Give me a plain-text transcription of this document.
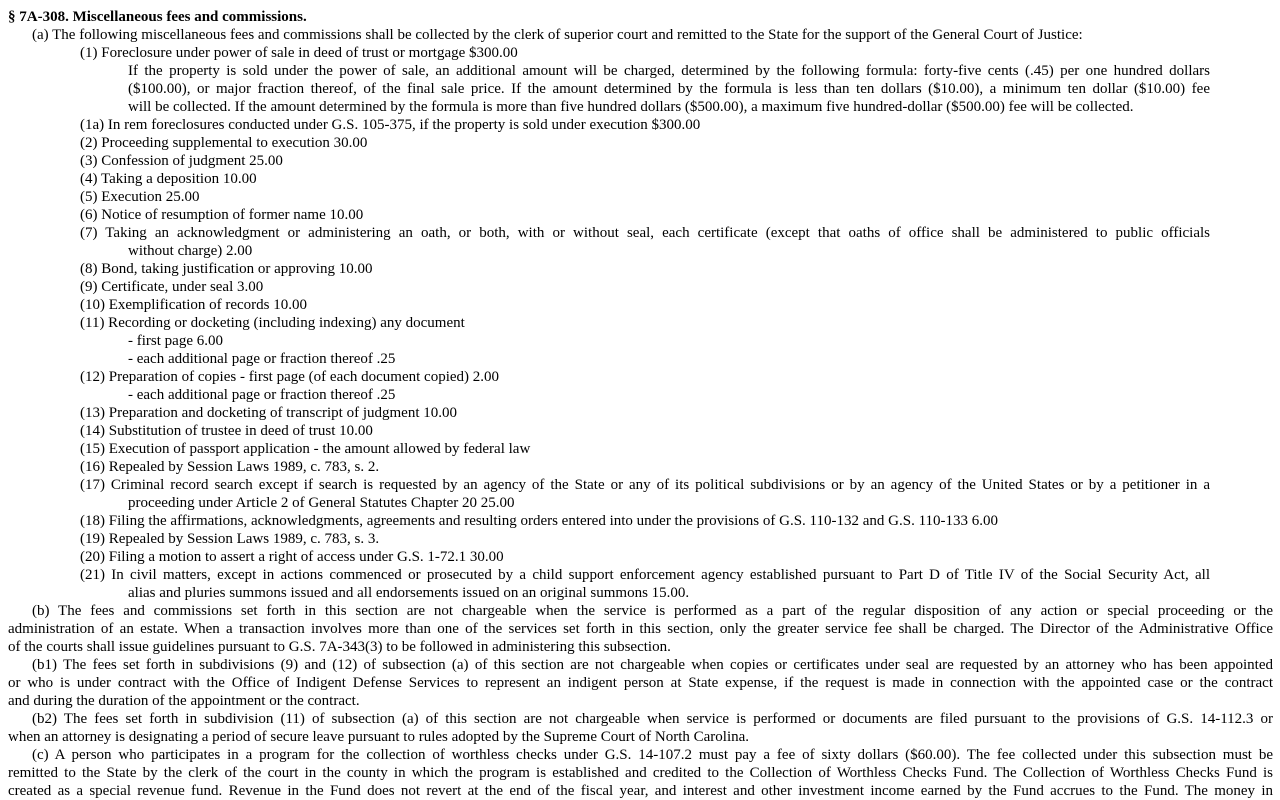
§ 7A-308. Miscellaneous fees and commissions.
(a) The following miscellaneous fees and commissions shall be collected by the clerk of superior court and remitted to the State for the support of the General Court of Justice:
(1) Foreclosure under power of sale in deed of trust or mortgage $300.00
If the property is sold under the power of sale, an additional amount will be charged, determined by the following formula: forty-five cents (.45) per one hundred dollars
($100.00), or major fraction thereof, of the final sale price. If the amount determined by the formula is less than ten dollars ($10.00), a minimum ten dollar ($10.00) fee
will be collected. If the amount determined by the formula is more than five hundred dollars ($500.00), a maximum five hundred-dollar ($500.00) fee will be collected.
(1a) In rem foreclosures conducted under G.S. 105-375, if the property is sold under execution $300.00
(2) Proceeding supplemental to execution 30.00
(3) Confession of judgment 25.00
(4) Taking a deposition 10.00
(5) Execution 25.00
(6) Notice of resumption of former name 10.00
(7) Taking an acknowledgment or administering an oath, or both, with or without seal, each certificate (except that oaths of office shall be administered to public officials
without charge) 2.00
(8) Bond, taking justification or approving 10.00
(9) Certificate, under seal 3.00
(10) Exemplification of records 10.00
(11) Recording or docketing (including indexing) any document
- first page 6.00
- each additional page or fraction thereof .25
(12) Preparation of copies - first page (of each document copied) 2.00
- each additional page or fraction thereof .25
(13) Preparation and docketing of transcript of judgment 10.00
(14) Substitution of trustee in deed of trust 10.00
(15) Execution of passport application - the amount allowed by federal law
(16) Repealed by Session Laws 1989, c. 783, s. 2.
(17) Criminal record search except if search is requested by an agency of the State or any of its political subdivisions or by an agency of the United States or by a petitioner in a
proceeding under Article 2 of General Statutes Chapter 20 25.00
(18) Filing the affirmations, acknowledgments, agreements and resulting orders entered into under the provisions of G.S. 110-132 and G.S. 110-133 6.00
(19) Repealed by Session Laws 1989, c. 783, s. 3.
(20) Filing a motion to assert a right of access under G.S. 1-72.1 30.00
(21) In civil matters, except in actions commenced or prosecuted by a child support enforcement agency established pursuant to Part D of Title IV of the Social Security Act, all
alias and pluries summons issued and all endorsements issued on an original summons 15.00.
(b) The fees and commissions set forth in this section are not chargeable when the service is performed as a part of the regular disposition of any action or special proceeding or the
administration of an estate. When a transaction involves more than one of the services set forth in this section, only the greater service fee shall be charged. The Director of the Administrative Office
of the courts shall issue guidelines pursuant to G.S. 7A-343(3) to be followed in administering this subsection.
(b1) The fees set forth in subdivisions (9) and (12) of subsection (a) of this section are not chargeable when copies or certificates under seal are requested by an attorney who has been appointed
or who is under contract with the Office of Indigent Defense Services to represent an indigent person at State expense, if the request is made in connection with the appointed case or the contract
and during the duration of the appointment or the contract.
(b2) The fees set forth in subdivision (11) of subsection (a) of this section are not chargeable when service is performed or documents are filed pursuant to the provisions of G.S. 14-112.3 or
when an attorney is designating a period of secure leave pursuant to rules adopted by the Supreme Court of North Carolina.
(c) A person who participates in a program for the collection of worthless checks under G.S. 14-107.2 must pay a fee of sixty dollars ($60.00). The fee collected under this subsection must be
remitted to the State by the clerk of the court in the county in which the program is established and credited to the Collection of Worthless Checks Fund. The Collection of Worthless Checks Fund is
created as a special revenue fund. Revenue in the Fund does not revert at the end of the fiscal year, and interest and other investment income earned by the Fund accrues to the Fund. The money in
